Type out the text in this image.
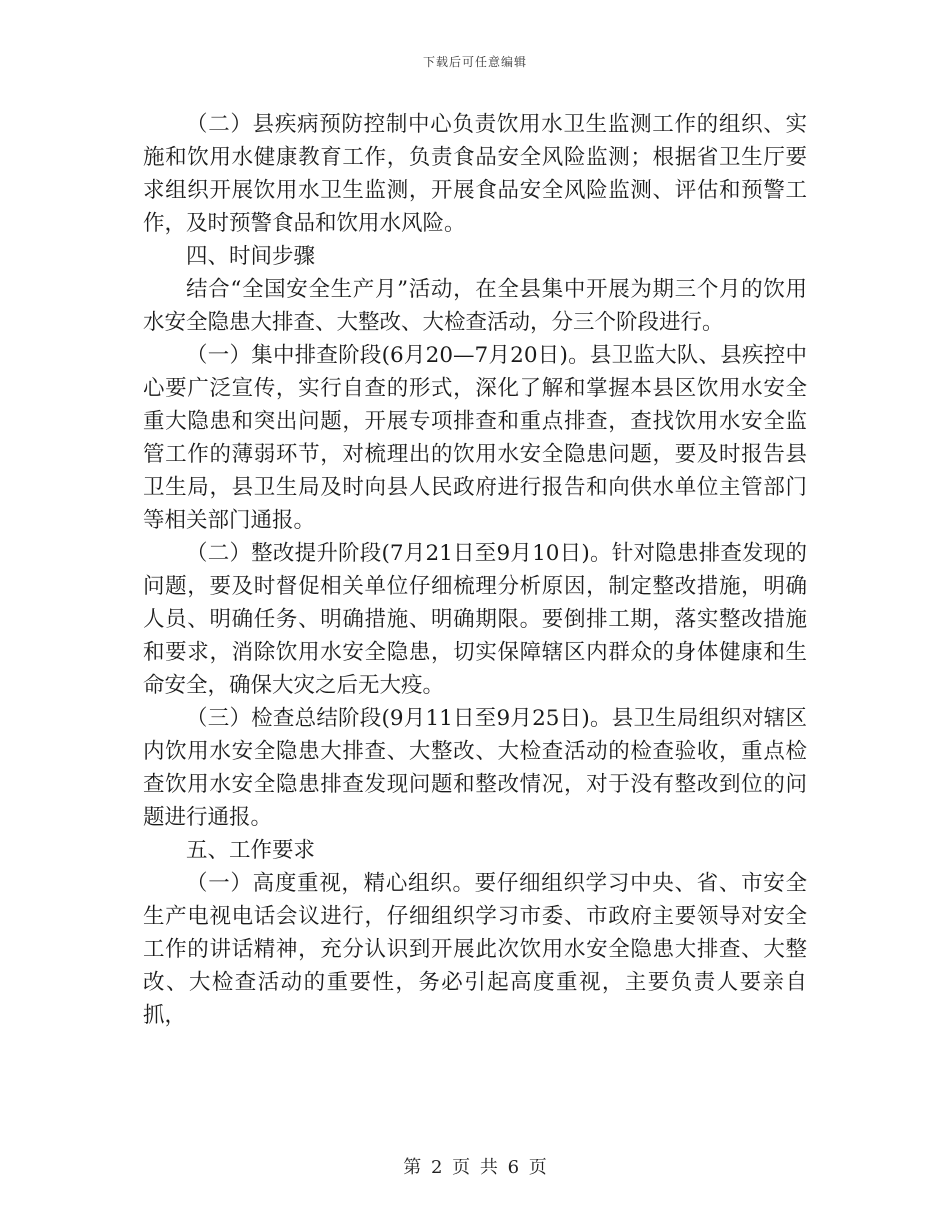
下载后可任意编辑

（二）县疾病预防控制中心负责饮用水卫生监测工作的组织、实施和饮用水健康教育工作，负责食品安全风险监测；根据省卫生厅要求组织开展饮用水卫生监测，开展食品安全风险监测、评估和预警工作，及时预警食品和饮用水风险。

四、时间步骤

结合“全国安全生产月”活动，在全县集中开展为期三个月的饮用水安全隐患大排查、大整改、大检查活动，分三个阶段进行。

（一）集中排查阶段(6月20—7月20日)。县卫监大队、县疾控中心要广泛宣传，实行自查的形式，深化了解和掌握本县区饮用水安全重大隐患和突出问题，开展专项排查和重点排查，查找饮用水安全监管工作的薄弱环节，对梳理出的饮用水安全隐患问题，要及时报告县卫生局，县卫生局及时向县人民政府进行报告和向供水单位主管部门等相关部门通报。

（二）整改提升阶段(7月21日至9月10日)。针对隐患排查发现的问题，要及时督促相关单位仔细梳理分析原因，制定整改措施，明确人员、明确任务、明确措施、明确期限。要倒排工期，落实整改措施和要求，消除饮用水安全隐患，切实保障辖区内群众的身体健康和生命安全，确保大灾之后无大疫。

（三）检查总结阶段(9月11日至9月25日)。县卫生局组织对辖区内饮用水安全隐患大排查、大整改、大检查活动的检查验收，重点检查饮用水安全隐患排查发现问题和整改情况，对于没有整改到位的问题进行通报。

五、工作要求

（一）高度重视，精心组织。要仔细组织学习中央、省、市安全生产电视电话会议进行，仔细组织学习市委、市政府主要领导对安全工作的讲话精神，充分认识到开展此次饮用水安全隐患大排查、大整改、大检查活动的重要性，务必引起高度重视，主要负责人要亲自抓，

第 2 页 共 6 页
